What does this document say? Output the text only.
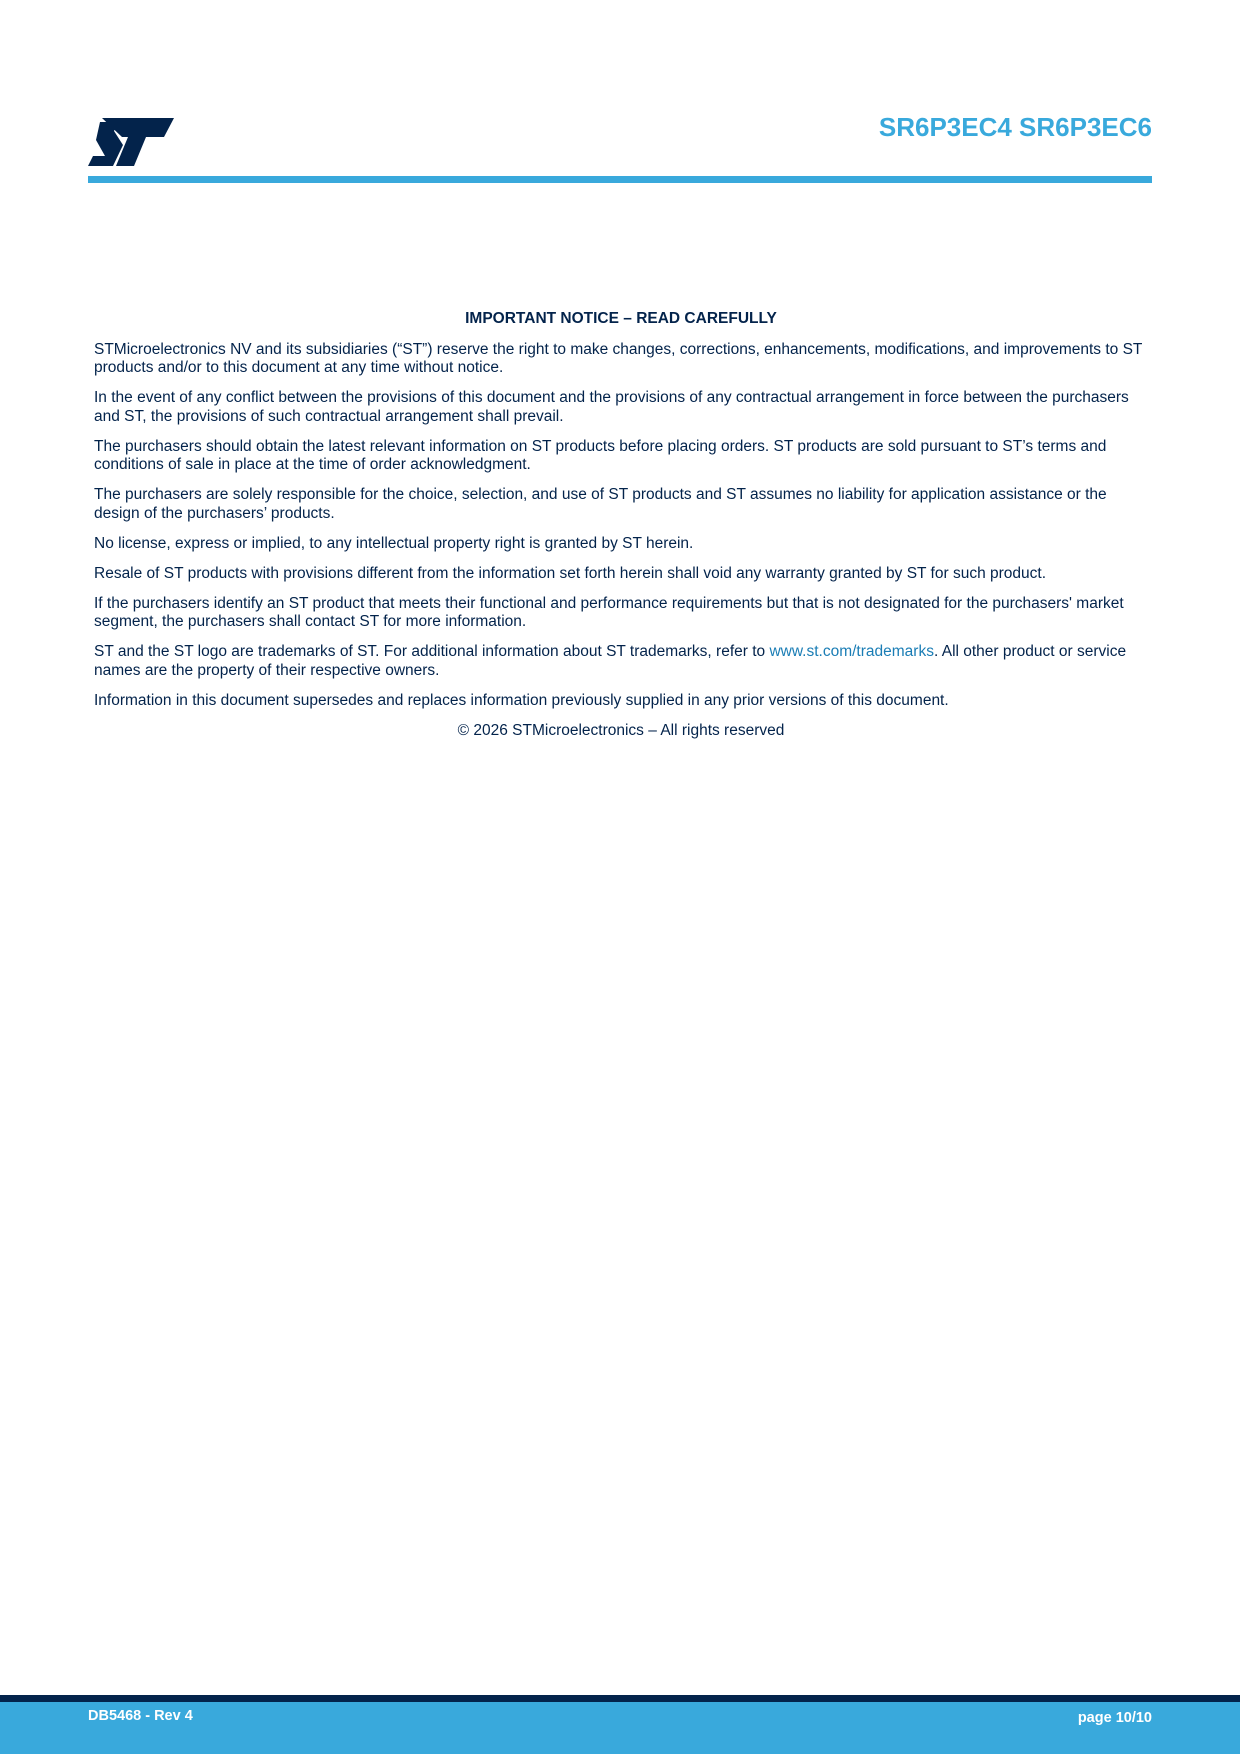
SR6P3EC4 SR6P3EC6
IMPORTANT NOTICE – READ CAREFULLY

STMicroelectronics NV and its subsidiaries (“ST”) reserve the right to make changes, corrections, enhancements, modifications, and improvements to ST products and/or to this document at any time without notice.

In the event of any conflict between the provisions of this document and the provisions of any contractual arrangement in force between the purchasers and ST, the provisions of such contractual arrangement shall prevail.

The purchasers should obtain the latest relevant information on ST products before placing orders. ST products are sold pursuant to ST’s terms and conditions of sale in place at the time of order acknowledgment.

The purchasers are solely responsible for the choice, selection, and use of ST products and ST assumes no liability for application assistance or the design of the purchasers’ products.

No license, express or implied, to any intellectual property right is granted by ST herein.

Resale of ST products with provisions different from the information set forth herein shall void any warranty granted by ST for such product.

If the purchasers identify an ST product that meets their functional and performance requirements but that is not designated for the purchasers' market segment, the purchasers shall contact ST for more information.

ST and the ST logo are trademarks of ST. For additional information about ST trademarks, refer to www.st.com/trademarks. All other product or service names are the property of their respective owners.

Information in this document supersedes and replaces information previously supplied in any prior versions of this document.

© 2026 STMicroelectronics – All rights reserved

DB5468 - Rev 4	page 10/10
